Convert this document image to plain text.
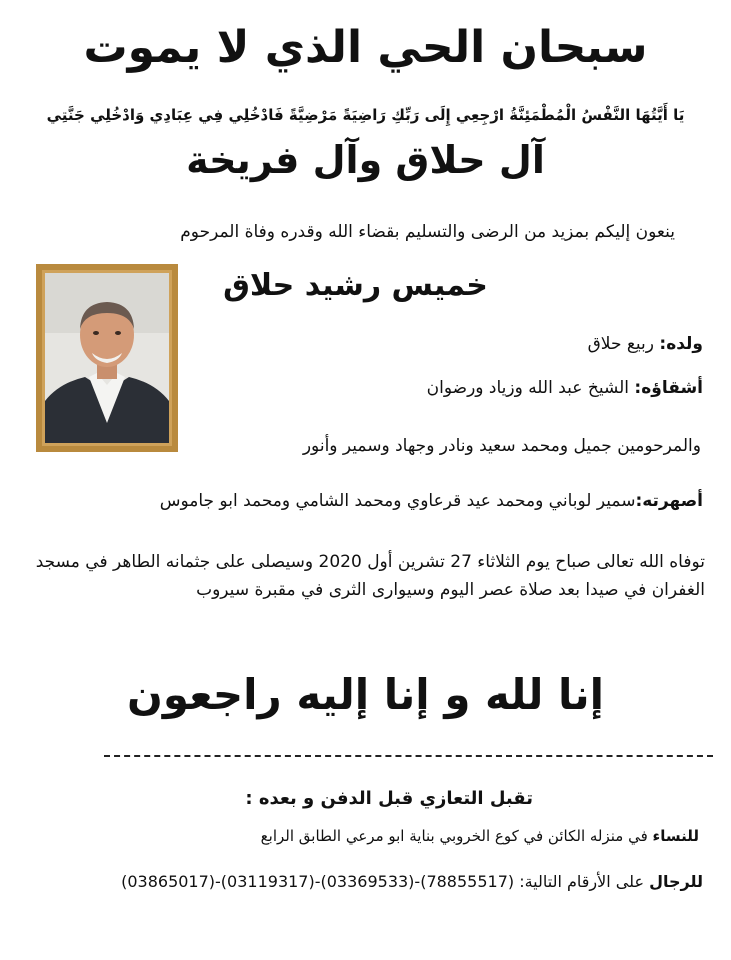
سبحان الحي الذي لا يموت
يَا أَيَّتُهَا النَّفْسُ الْمُطْمَئِنَّةُ ارْجِعِي إِلَى رَبِّكِ رَاضِيَةً مَرْضِيَّةً فَادْخُلِي فِي عِبَادِي وَادْخُلِي جَنَّتِي
آل حلاق وآل فريخة
ينعون إليكم بمزيد من الرضى والتسليم بقضاء الله وقدره وفاة المرحوم
خميس رشيد حلاق
ولده: ربيع حلاق
أشقاؤه: الشيخ عبد الله وزياد ورضوان
والمرحومين جميل ومحمد سعيد ونادر وجهاد وسمير وأنور
أصهرته:سمير لوباني ومحمد عيد قرعاوي ومحمد الشامي ومحمد ابو جاموس
توفاه الله تعالى صباح يوم الثلاثاء 27 تشرين أول 2020 وسيصلى على جثمانه الطاهر في مسجد الغفران في صيدا بعد صلاة عصر اليوم وسيوارى الثرى في مقبرة سيروب
إنا لله و إنا إليه راجعون
تقبل التعازي قبل الدفن و بعده :
للنساء في منزله الكائن في كوع الخروبي بناية ابو مرعي الطابق الرابع
للرجال على الأرقام التالية: (03865017)-(03119317)-(03369533)-(78855517)
